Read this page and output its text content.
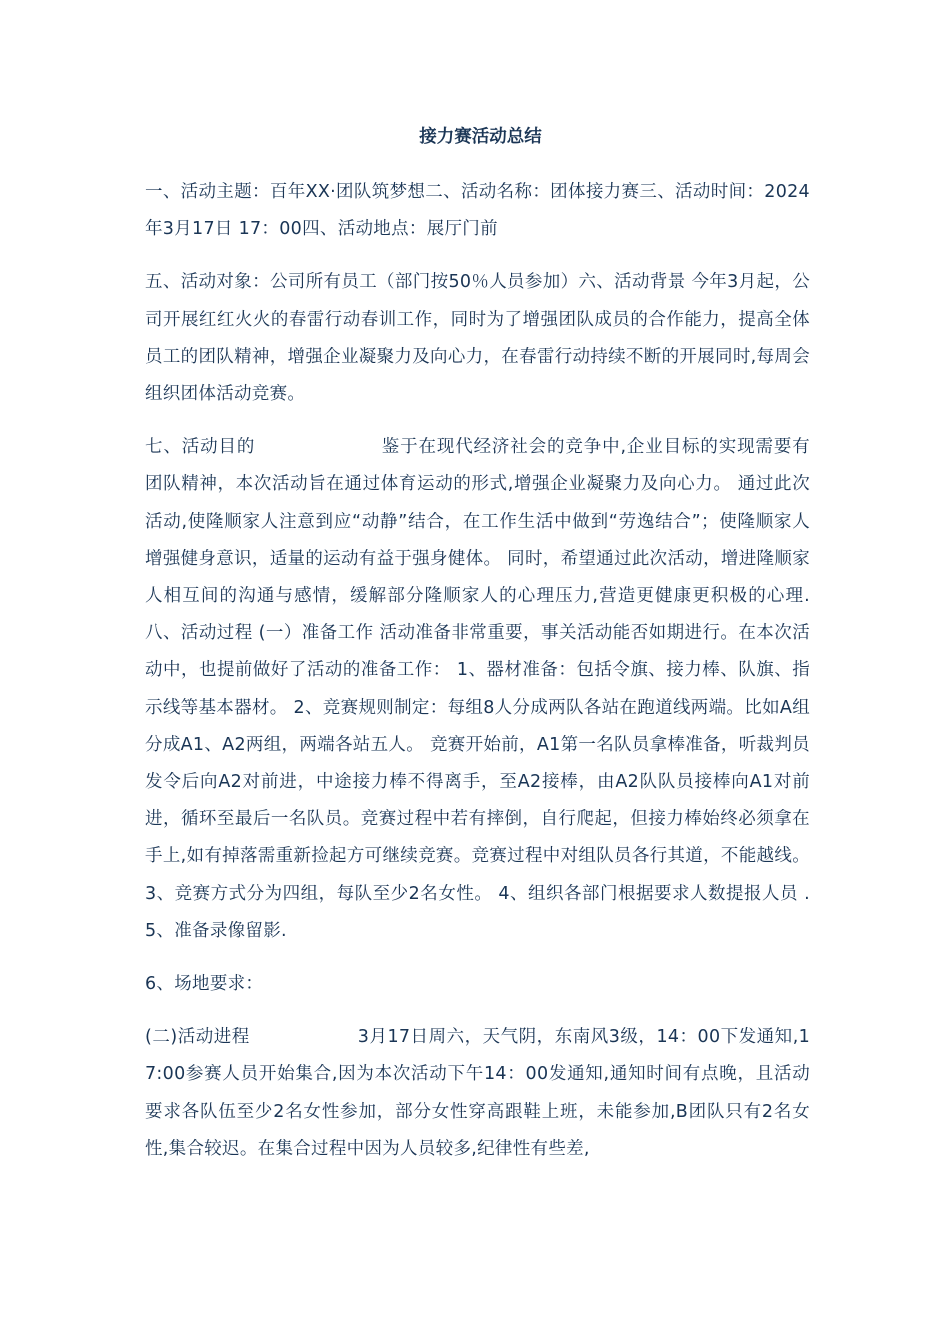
接力赛活动总结

一、活动主题：百年XX·团队筑梦想二、活动名称：团体接力赛三、活动时间：2024年3月17日 17：00四、活动地点：展厅门前

五、活动对象：公司所有员工（部门按50％人员参加）六、活动背景 今年3月起，公司开展红红火火的春雷行动春训工作，同时为了增强团队成员的合作能力，提高全体员工的团队精神，增强企业凝聚力及向心力，在春雷行动持续不断的开展同时,每周会组织团体活动竞赛。

七、活动目的	鉴于在现代经济社会的竞争中,企业目标的实现需要有团队精神，本次活动旨在通过体育运动的形式,增强企业凝聚力及向心力。 通过此次活动,使隆顺家人注意到应“动静”结合，在工作生活中做到“劳逸结合”；使隆顺家人增强健身意识，适量的运动有益于强身健体。 同时，希望通过此次活动，增进隆顺家人相互间的沟通与感情，缓解部分隆顺家人的心理压力,营造更健康更积极的心理. 八、活动过程 (一）准备工作 活动准备非常重要，事关活动能否如期进行。在本次活动中，也提前做好了活动的准备工作： 1、器材准备：包括令旗、接力棒、队旗、指示线等基本器材。 2、竞赛规则制定：每组8人分成两队各站在跑道线两端。比如A组分成A1、A2两组，两端各站五人。 竞赛开始前，A1第一名队员拿棒准备，听裁判员发令后向A2对前进，中途接力棒不得离手，至A2接棒，由A2队队员接棒向A1对前进，循环至最后一名队员。竞赛过程中若有摔倒，自行爬起，但接力棒始终必须拿在手上,如有掉落需重新捡起方可继续竞赛。竞赛过程中对组队员各行其道，不能越线。3、竞赛方式分为四组，每队至少2名女性。 4、组织各部门根据要求人数提报人员 . 5、准备录像留影.

6、场地要求：

(二)活动进程	3月17日周六，天气阴，东南风3级，14：00下发通知,17:00参赛人员开始集合,因为本次活动下午14：00发通知,通知时间有点晚，且活动要求各队伍至少2名女性参加，部分女性穿高跟鞋上班，未能参加,B团队只有2名女性,集合较迟。在集合过程中因为人员较多,纪律性有些差,
